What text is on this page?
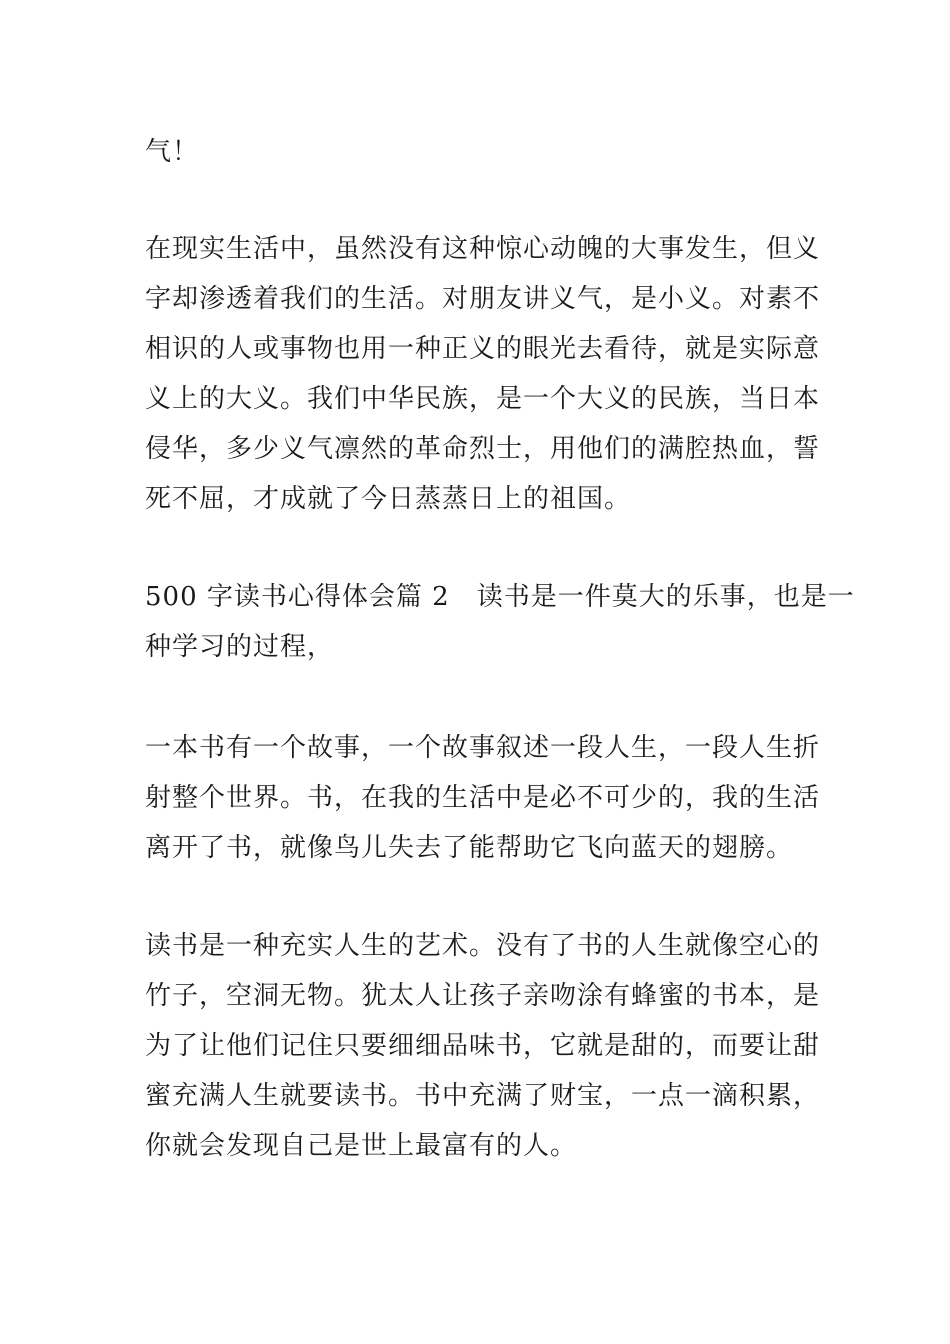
气！

在现实生活中，虽然没有这种惊心动魄的大事发生，但义
字却渗透着我们的生活。对朋友讲义气，是小义。对素不
相识的人或事物也用一种正义的眼光去看待，就是实际意
义上的大义。我们中华民族，是一个大义的民族，当日本
侵华，多少义气凛然的革命烈士，用他们的满腔热血，誓
死不屈，才成就了今日蒸蒸日上的祖国。

500 字读书心得体会篇 2　读书是一件莫大的乐事，也是一
种学习的过程，

一本书有一个故事，一个故事叙述一段人生，一段人生折
射整个世界。书，在我的生活中是必不可少的，我的生活
离开了书，就像鸟儿失去了能帮助它飞向蓝天的翅膀。

读书是一种充实人生的艺术。没有了书的人生就像空心的
竹子，空洞无物。犹太人让孩子亲吻涂有蜂蜜的书本，是
为了让他们记住只要细细品味书，它就是甜的，而要让甜
蜜充满人生就要读书。书中充满了财宝，一点一滴积累，
你就会发现自己是世上最富有的人。
